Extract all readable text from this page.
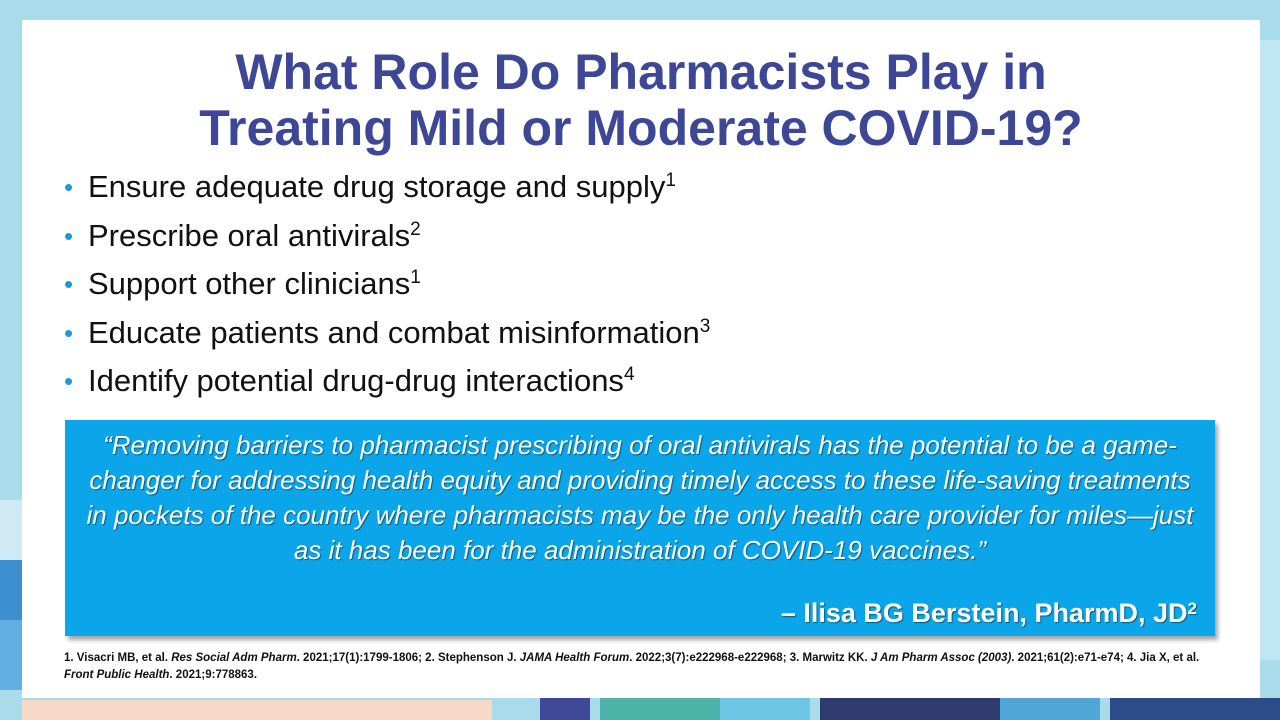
What Role Do Pharmacists Play in
Treating Mild or Moderate COVID-19?
• Ensure adequate drug storage and supply$^1$
• Prescribe oral antivirals$^2$
• Support other clinicians$^1$
• Educate patients and combat misinformation$^3$
• Identify potential drug-drug interactions$^4$

“Removing barriers to pharmacist prescribing of oral antivirals has the potential to be a game-changer for addressing health equity and providing timely access to these life-saving treatments in pockets of the country where pharmacists may be the only health care provider for miles—just as it has been for the administration of COVID-19 vaccines.”

– Ilisa BG Berstein, PharmD, $JD^2$
1. Visacri MB, et al. Res Social Adm Pharm. 2021;17(1):1799-1806; 2. Stephenson J. JAMA Health Forum. 2022;3(7):e222968-e222968; 3. Marwitz KK. J Am Pharm Assoc (2003). 2021;61(2):e71-e74; 4. Jia X, et al. Front Public Health. 2021;9:778863.
